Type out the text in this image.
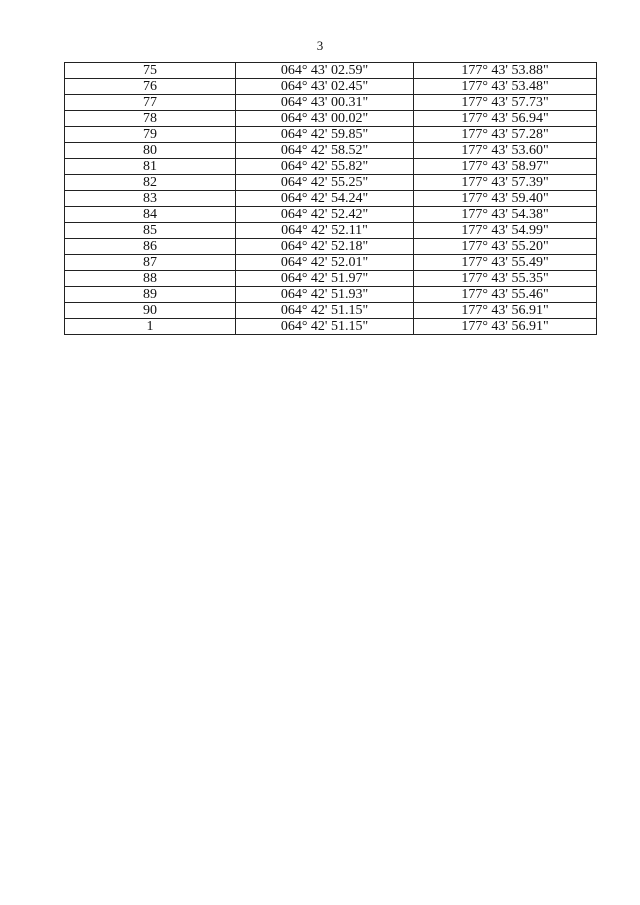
3
75	064° 43' 02.59"	177° 43' 53.88"
76	064° 43' 02.45"	177° 43' 53.48"
77	064° 43' 00.31"	177° 43' 57.73"
78	064° 43' 00.02"	177° 43' 56.94"
79	064° 42' 59.85"	177° 43' 57.28"
80	064° 42' 58.52"	177° 43' 53.60"
81	064° 42' 55.82"	177° 43' 58.97"
82	064° 42' 55.25"	177° 43' 57.39"
83	064° 42' 54.24"	177° 43' 59.40"
84	064° 42' 52.42"	177° 43' 54.38"
85	064° 42' 52.11"	177° 43' 54.99"
86	064° 42' 52.18"	177° 43' 55.20"
87	064° 42' 52.01"	177° 43' 55.49"
88	064° 42' 51.97"	177° 43' 55.35"
89	064° 42' 51.93"	177° 43' 55.46"
90	064° 42' 51.15"	177° 43' 56.91"
1	064° 42' 51.15"	177° 43' 56.91"
